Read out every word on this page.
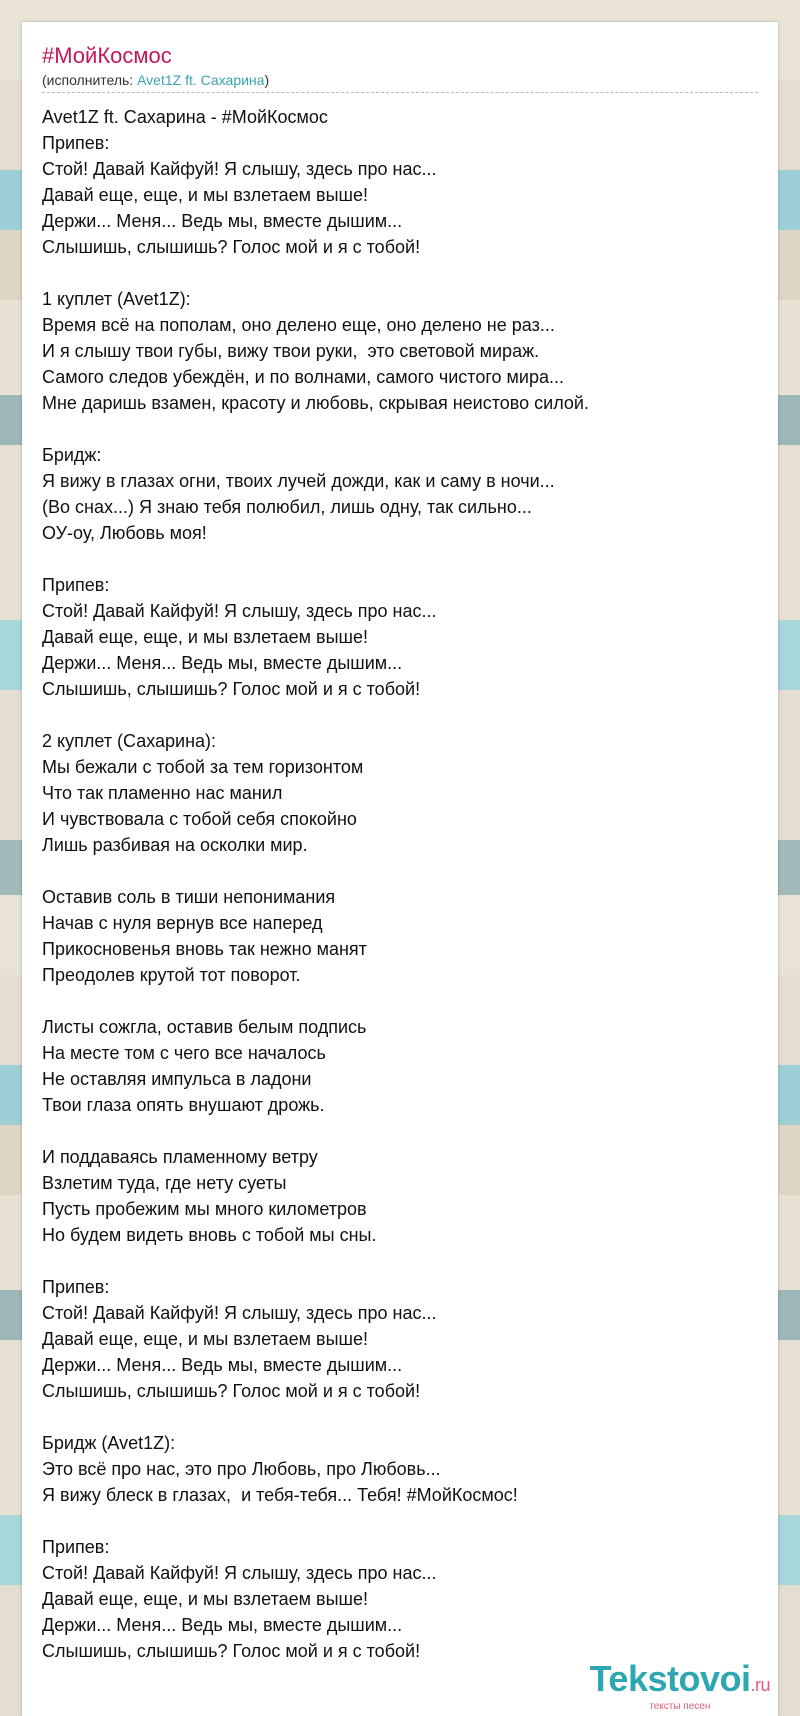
#МойКосмос
(исполнитель: Avet1Z ft. Сахарина)
Avet1Z ft. Сахарина - #МойКосмос
Припев:
Стой! Давай Кайфуй! Я слышу, здесь про нас...
Давай еще, еще, и мы взлетаем выше!
Держи... Меня... Ведь мы, вместе дышим...
Слышишь, слышишь? Голос мой и я с тобой!
1 куплет (Avet1Z):
Время всё на пополам, оно делено еще, оно делено не раз...
И я слышу твои губы, вижу твои руки,  это световой мираж.
Самого следов убеждён, и по волнами, самого чистого мира...
Мне даришь взамен, красоту и любовь, скрывая неистово силой.
Бридж:
Я вижу в глазах огни, твоих лучей дожди, как и саму в ночи...
(Во снах...) Я знаю тебя полюбил, лишь одну, так сильно...
ОУ-оу, Любовь моя!
Припев:
Стой! Давай Кайфуй! Я слышу, здесь про нас...
Давай еще, еще, и мы взлетаем выше!
Держи... Меня... Ведь мы, вместе дышим...
Слышишь, слышишь? Голос мой и я с тобой!
2 куплет (Сахарина):
Мы бежали с тобой за тем горизонтом
Что так пламенно нас манил
И чувствовала с тобой себя спокойно
Лишь разбивая на осколки мир.
Оставив соль в тиши непонимания
Начав с нуля вернув все наперед
Прикосновенья вновь так нежно манят
Преодолев крутой тот поворот.
Листы сожгла, оставив белым подпись
На месте том с чего все началось
Не оставляя импульса в ладони
Твои глаза опять внушают дрожь.
И поддаваясь пламенному ветру
Взлетим туда, где нету суеты
Пусть пробежим мы много километров
Но будем видеть вновь с тобой мы сны.
Припев:
Стой! Давай Кайфуй! Я слышу, здесь про нас...
Давай еще, еще, и мы взлетаем выше!
Держи... Меня... Ведь мы, вместе дышим...
Слышишь, слышишь? Голос мой и я с тобой!
Бридж (Avet1Z):
Это всё про нас, это про Любовь, про Любовь...
Я вижу блеск в глазах,  и тебя-тебя... Тебя! #МойКосмос!
Припев:
Стой! Давай Кайфуй! Я слышу, здесь про нас...
Давай еще, еще, и мы взлетаем выше!
Держи... Меня... Ведь мы, вместе дышим...
Слышишь, слышишь? Голос мой и я с тобой!
Tekstovoi.ru
тексты песен
